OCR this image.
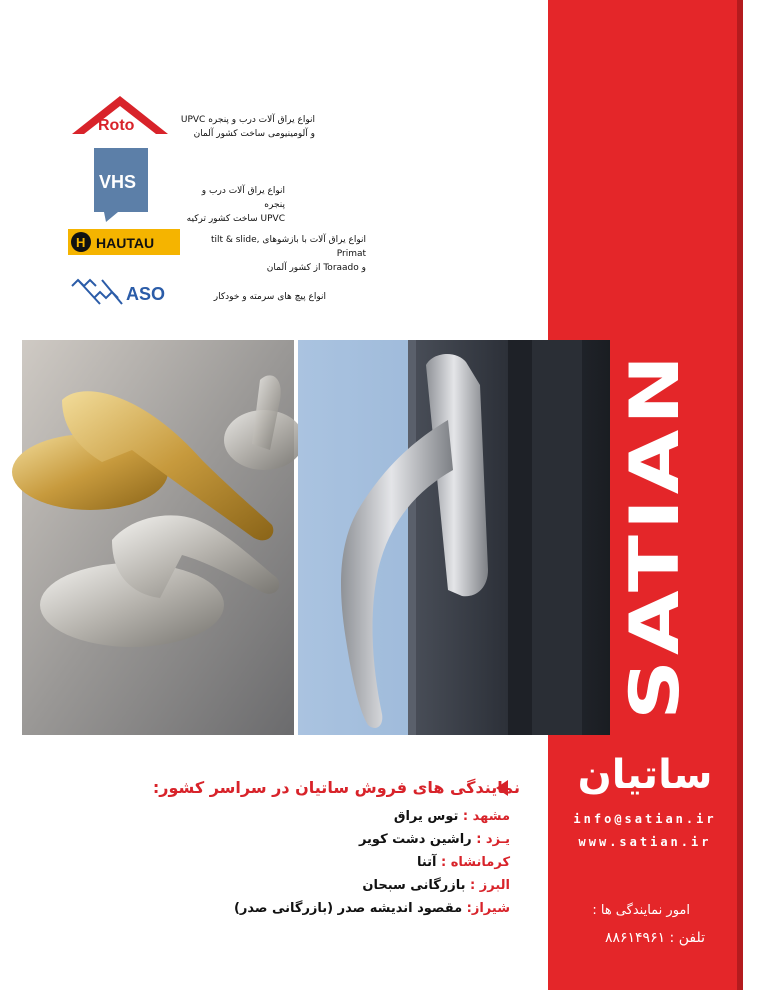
SATIAN
ساتیان
info@satian.ir
www.satian.ir
امور نمایندگی ها :
تلفن : ۸۸۶۱۴۹۶۱
Roto	انواع یراق آلات درب و پنجره UPVC
و آلومینیومی ساخت کشور آلمان
VHS	انواع یراق آلات درب و پنجره
UPVC ساخت کشور ترکیه
H HAUTAU	انواع یراق آلات با بازشوهای tilt & slide, Primat
و Toraado از کشور آلمان
ASO	انواع پیچ های سرمته و خودکار
نمایندگی های فروش ساتیان در سراسر کشور:
مشهد : توس یراق
یـزد : راشین دشت کویر
کرمانشاه : آتنا
البرز : بازرگانی سبحان
شیراز: مقصود اندیشه صدر (بازرگانی صدر)
